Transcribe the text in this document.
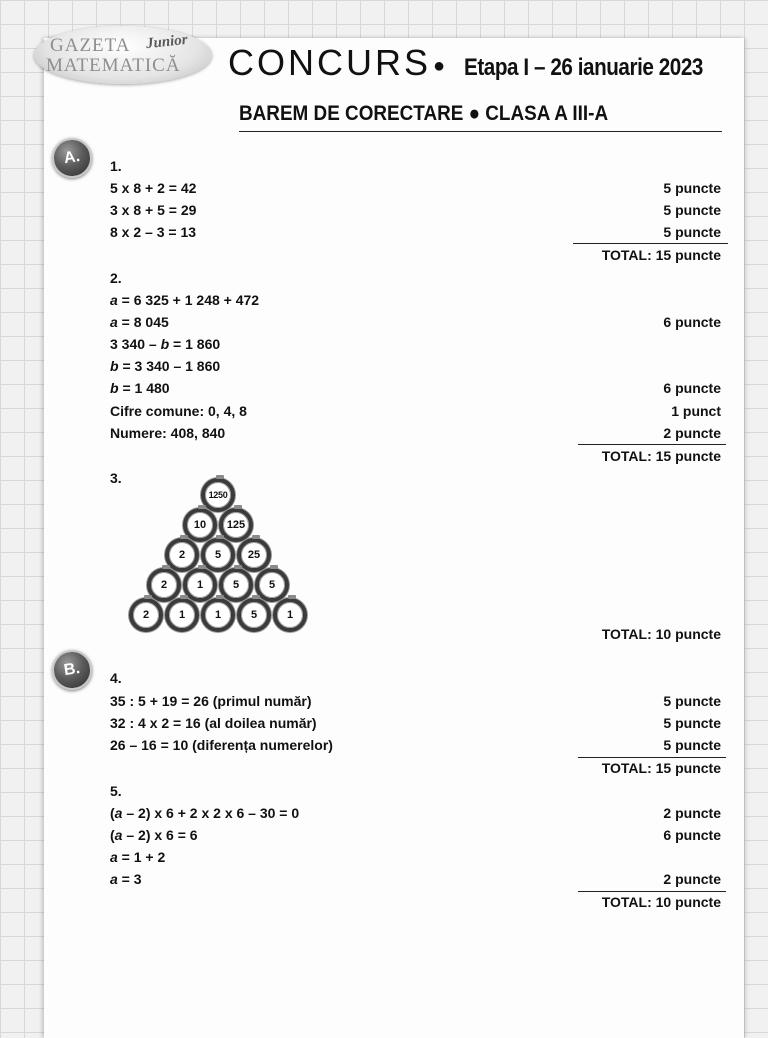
GAZETA Junior
MATEMATICĂ CONCURS ● Etapa I – 26 ianuarie 2023
BAREM DE CORECTARE ● CLASA A III-A
A.
B.
1.
5 x 8 + 2 = 42	5 puncte
3 x 8 + 5 = 29	5 puncte
8 x 2 – 3 = 13	5 puncte
TOTAL: 15 puncte
2.
a = 6 325 + 1 248 + 472
a = 8 045	6 puncte
3 340 – b = 1 860
b = 3 340 – 1 860
b = 1 480	6 puncte
Cifre comune: 0, 4, 8	1 punct
Numere: 408, 840	2 puncte
TOTAL: 15 puncte
3.
1250
10	125
2	5	25
2	1	5	5
2	1	1	5	1
TOTAL: 10 puncte
4.
35 : 5 + 19 = 26 (primul număr)	5 puncte
32 : 4 x 2 = 16 (al doilea număr)	5 puncte
26 – 16 = 10 (diferența numerelor)	5 puncte
TOTAL: 15 puncte
5.
(a – 2) x 6 + 2 x 2 x 6 – 30 = 0	2 puncte
(a – 2) x 6 = 6	6 puncte
a = 1 + 2
a = 3	2 puncte
TOTAL: 10 puncte
